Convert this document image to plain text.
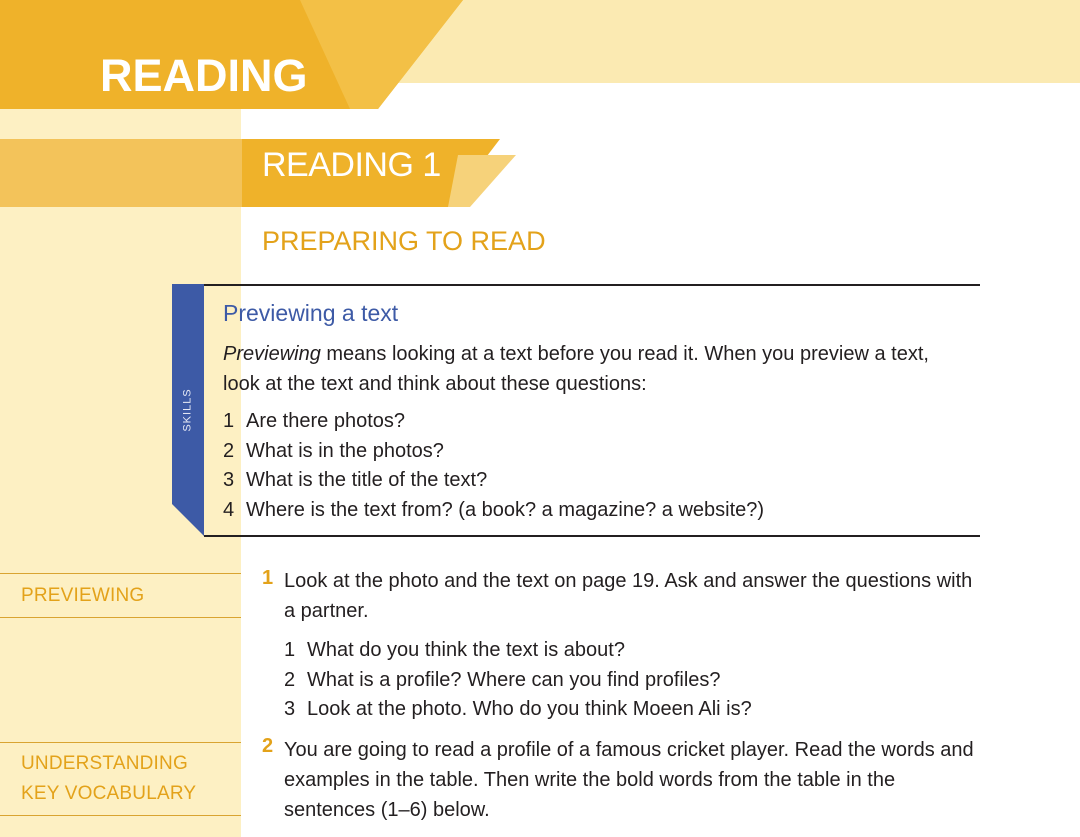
READING
READING 1
PREPARING TO READ
SKILLS
Previewing a text

Previewing means looking at a text before you read it. When you preview a text, look at the text and think about these questions:

1 Are there photos?
2 What is in the photos?
3 What is the title of the text?
4 Where is the text from? (a book? a magazine? a website?)

PREVIEWING

UNDERSTANDING
KEY VOCABULARY

1 Look at the photo and the text on page 19. Ask and answer the questions with a partner.

1 What do you think the text is about?
2 What is a profile? Where can you find profiles?
3 Look at the photo. Who do you think Moeen Ali is?
2 You are going to read a profile of a famous cricket player. Read the words and examples in the table. Then write the bold words from the table in the sentences (1–6) below.
